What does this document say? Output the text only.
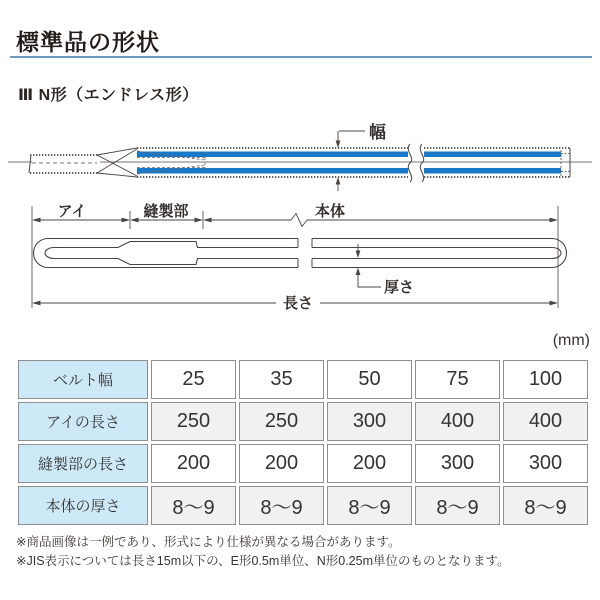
標準品の形状
Ⅲ N形（エンドレス形）
幅
アイ	縫製部	本体
厚さ
長さ
(mm)
ベルト幅	25	35	50	75	100
アイの長さ	250	250	300	400	400
縫製部の長さ	200	200	200	300	300
本体の厚さ	8～9	8～9	8～9	8～9	8～9

※商品画像は一例であり、形式により仕様が異なる場合があります。

※JIS表示については長さ15m以下の、E形0.5m単位、N形0.25m単位のものとなります。
